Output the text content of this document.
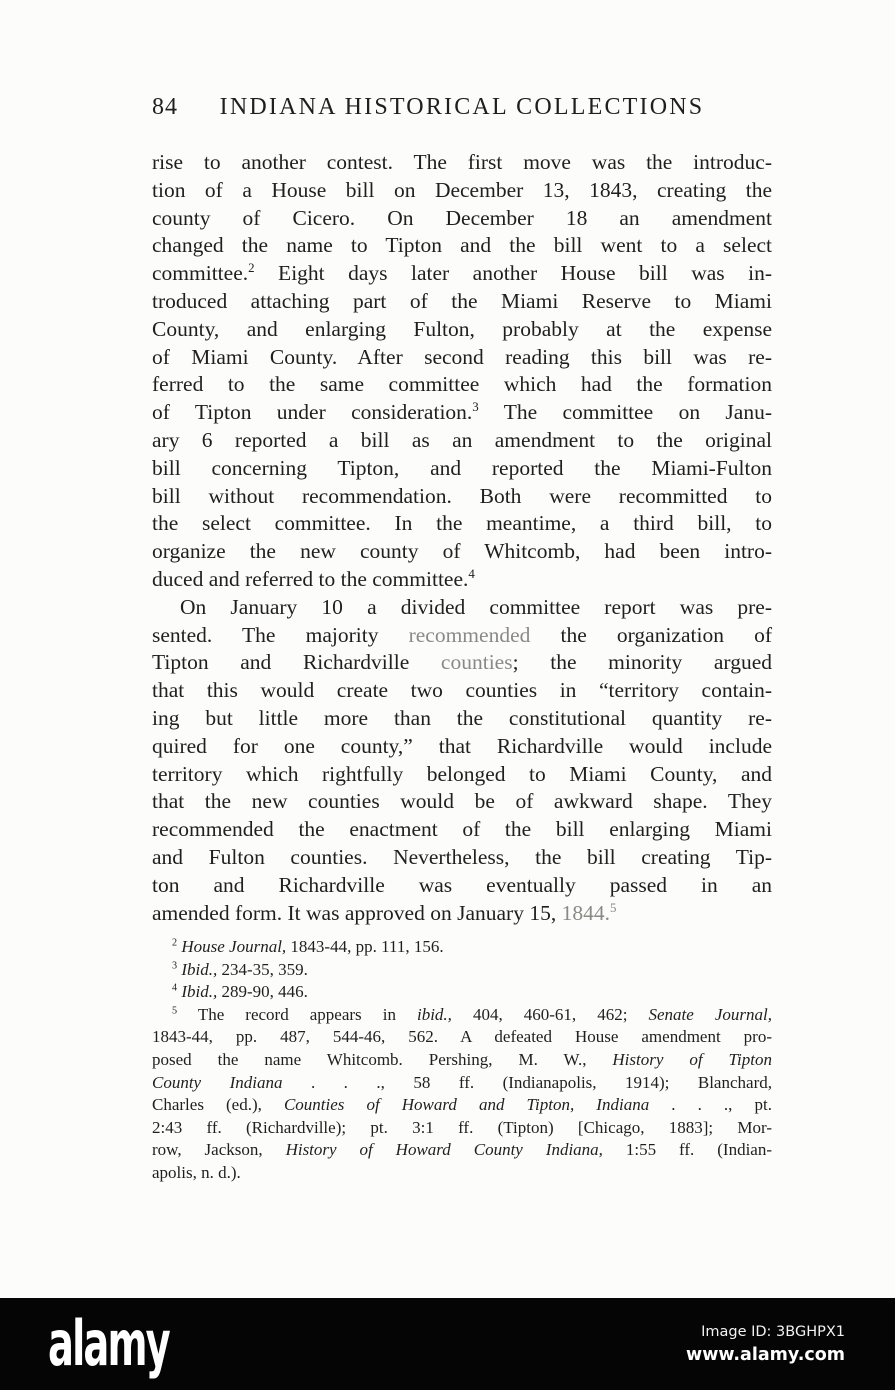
84	INDIANA HISTORICAL COLLECTIONS
rise to another contest. The first move was the introduc-
tion of a House bill on December 13, 1843, creating the
county of Cicero. On December 18 an amendment
changed the name to Tipton and the bill went to a select
committee.$^2$ Eight days later another House bill was in-
troduced attaching part of the Miami Reserve to Miami
County, and enlarging Fulton, probably at the expense
of Miami County. After second reading this bill was re-
ferred to the same committee which had the formation
of Tipton under consideration.$^3$ The committee on Janu-
ary 6 reported a bill as an amendment to the original
bill concerning Tipton, and reported the Miami-Fulton
bill without recommendation. Both were recommitted to
the select committee. In the meantime, a third bill, to
organize the new county of Whitcomb, had been intro-
duced and referred to the committee.$^4$
On January 10 a divided committee report was pre-
sented. The majority recommended the organization of
Tipton and Richardville counties; the minority argued
that this would create two counties in “territory contain-
ing but little more than the constitutional quantity re-
quired for one county,” that Richardville would include
territory which rightfully belonged to Miami County, and
that the new counties would be of awkward shape. They
recommended the enactment of the bill enlarging Miami
and Fulton counties. Nevertheless, the bill creating Tip-
ton and Richardville was eventually passed in an
amended form. It was approved on January 15, 1844.$^5$
$^2$ House Journal, 1843-44, pp. 111, 156.
$^3$ Ibid., 234-35, 359.
$^4$ Ibid., 289-90, 446.
$^5$ The record appears in ibid., 404, 460-61, 462; Senate Journal,
1843-44, pp. 487, 544-46, 562. A defeated House amendment pro-
posed the name Whitcomb. Pershing, M. W., History of Tipton
County Indiana . . ., 58 ff. (Indianapolis, 1914); Blanchard,
Charles (ed.), Counties of Howard and Tipton, Indiana . . ., pt.
2:43 ff. (Richardville); pt. 3:1 ff. (Tipton) [Chicago, 1883]; Mor-
row, Jackson, History of Howard County Indiana, 1:55 ff. (Indian-
apolis, n. d.).
alamy	Image ID: 3BGHPX1
www.alamy.com
